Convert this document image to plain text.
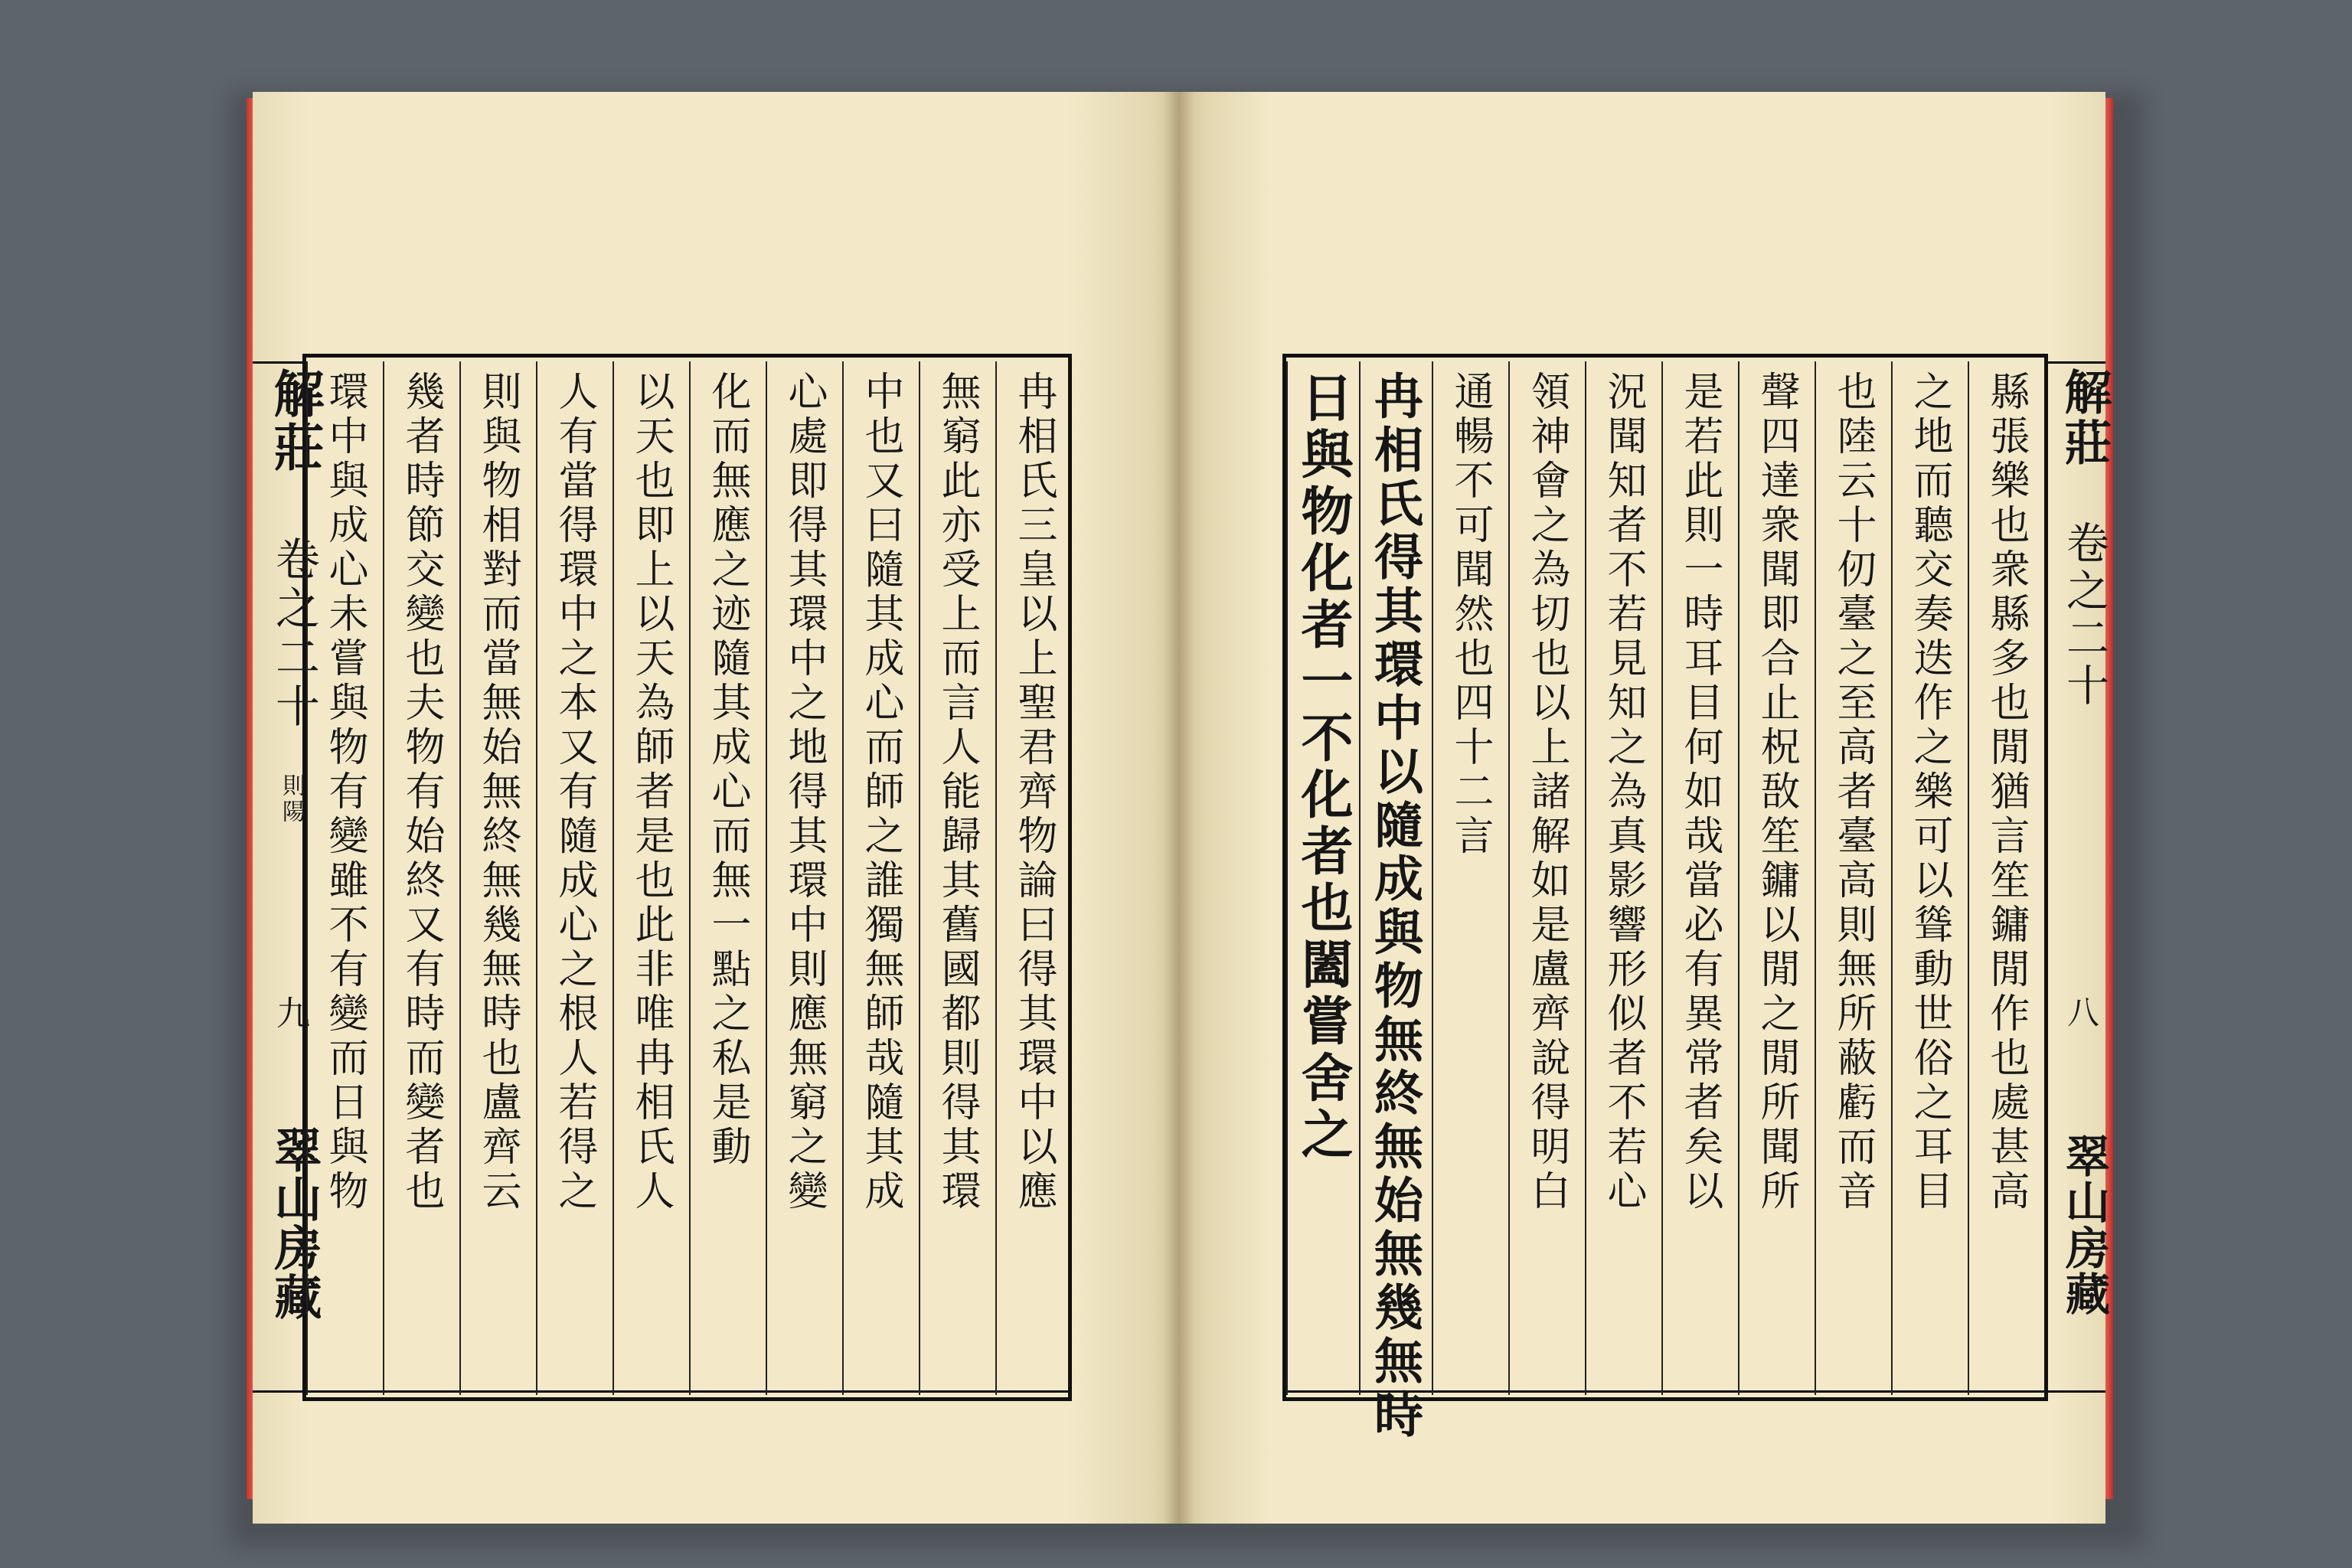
解莊
卷之二十
則陽
九
翠山房藏
冉相氏三皇以上聖君齊物論曰得其環中以應
無窮此亦受上而言人能歸其舊國都則得其環
中也又曰隨其成心而師之誰獨無師哉隨其成
心處即得其環中之地得其環中則應無窮之變
化而無應之迹隨其成心而無一點之私是動
以天也即上以天為師者是也此非唯冉相氏人
人有當得環中之本又有隨成心之根人若得之
則與物相對而當無始無終無幾無時也盧齊云
幾者時節交變也夫物有始終又有時而變者也
環中與成心未嘗與物有變雖不有變而日與物	解莊
卷之二十
八
翠山房藏
縣張樂也衆縣多也閒猶言笙鏞閒作也處甚高
之地而聽交奏迭作之樂可以聳動世俗之耳目
也陸云十仞臺之至高者臺高則無所蔽虧而音
聲四達衆聞即合止柷敔笙鏞以閒之閒所聞所
是若此則一時耳目何如哉當必有異常者矣以
況聞知者不若見知之為真影響形似者不若心
領神會之為切也以上諸解如是盧齊說得明白
通暢不可聞然也四十二言
冉相氏得其環中以隨成與物無終無始無幾無時
日與物化者一不化者也闔嘗舍之
